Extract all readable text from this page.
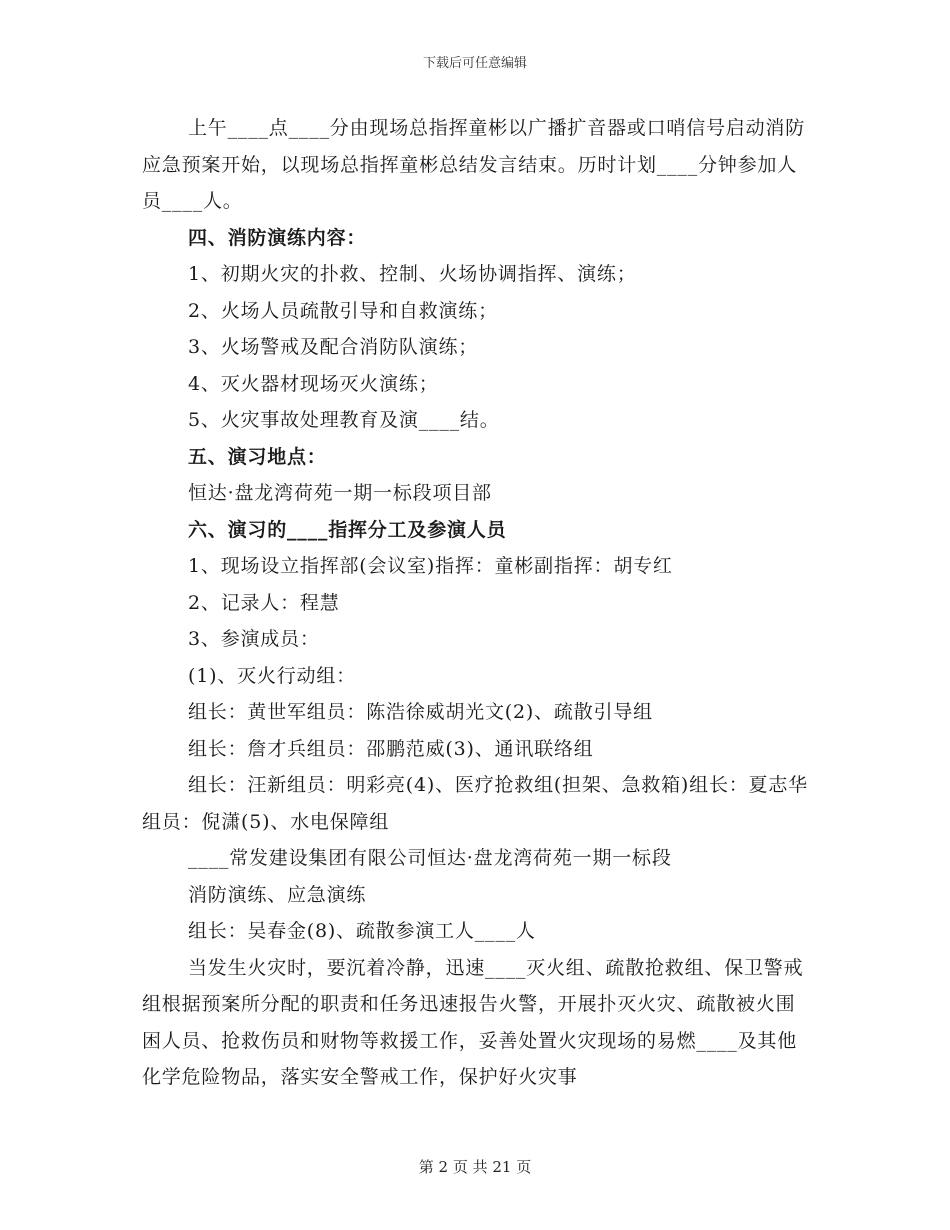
下载后可任意编辑

上午____点____分由现场总指挥童彬以广播扩音器或口哨信号启动消防应急预案开始，以现场总指挥童彬总结发言结束。历时计划____分钟参加人员____人。

四、消防演练内容：

1、初期火灾的扑救、控制、火场协调指挥、演练；

2、火场人员疏散引导和自救演练；

3、火场警戒及配合消防队演练；

4、灭火器材现场灭火演练；

5、火灾事故处理教育及演____结。

五、演习地点：

恒达·盘龙湾荷苑一期一标段项目部

六、演习的____指挥分工及参演人员

1、现场设立指挥部(会议室)指挥：童彬副指挥：胡专红

2、记录人：程慧

3、参演成员：

(1)、灭火行动组：

组长：黄世军组员：陈浩徐威胡光文(2)、疏散引导组

组长：詹才兵组员：邵鹏范威(3)、通讯联络组

组长：汪新组员：明彩亮(4)、医疗抢救组(担架、急救箱)组长：夏志华组员：倪潇(5)、水电保障组

____常发建设集团有限公司恒达·盘龙湾荷苑一期一标段

消防演练、应急演练

组长：吴春金(8)、疏散参演工人____人

当发生火灾时，要沉着冷静，迅速____灭火组、疏散抢救组、保卫警戒组根据预案所分配的职责和任务迅速报告火警，开展扑灭火灾、疏散被火围困人员、抢救伤员和财物等救援工作，妥善处置火灾现场的易燃____及其他化学危险物品，落实安全警戒工作，保护好火灾事

第 2 页 共 21 页
